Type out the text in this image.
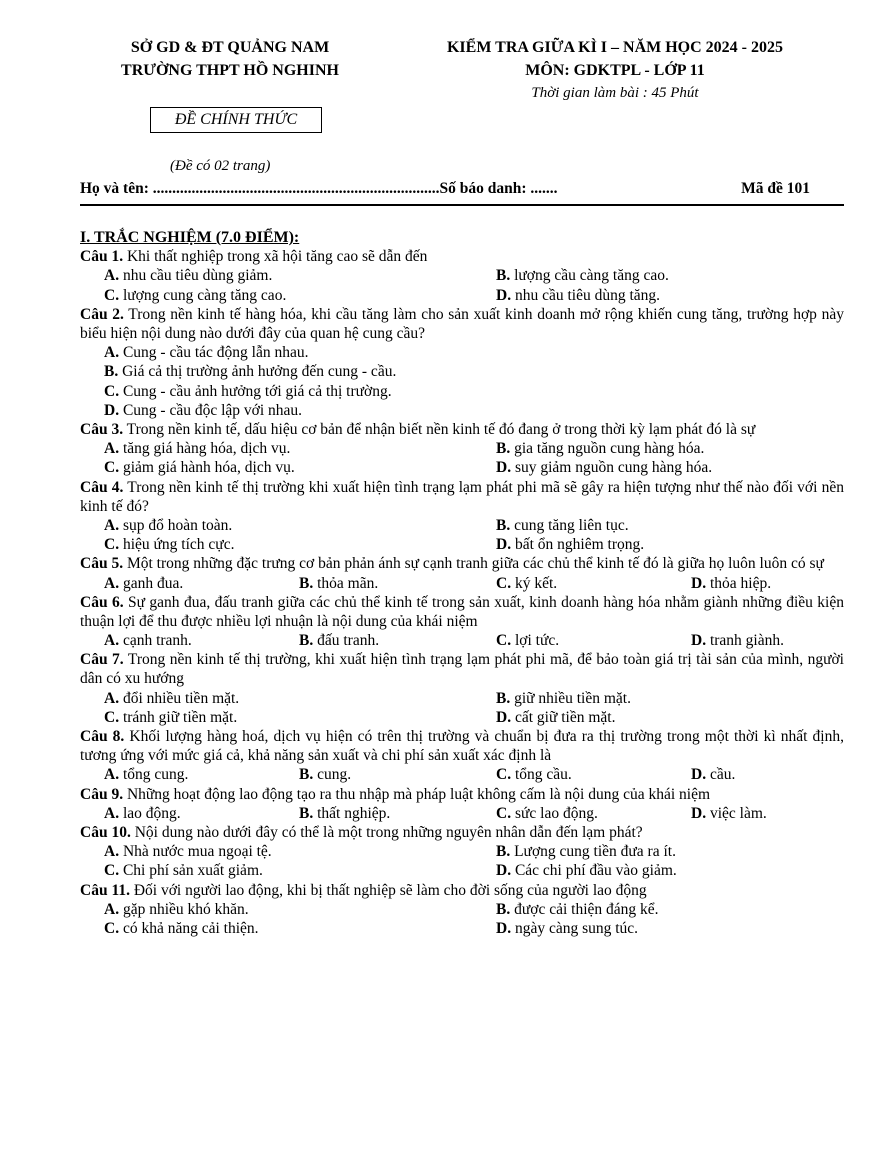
SỞ GD & ĐT QUẢNG NAM
TRƯỜNG THPT HỒ NGHINH
KIỂM TRA GIỮA KÌ I – NĂM HỌC 2024 - 2025
MÔN: GDKTPL - LỚP 11
Thời gian làm bài : 45 Phút
ĐỀ CHÍNH THỨC
(Đề có 02 trang)
Họ và tên: ..........................................................................Số báo danh: .......	Mã đề 101
I. TRẮC NGHIỆM (7.0 ĐIỂM):
Câu 1. Khi thất nghiệp trong xã hội tăng cao sẽ dẫn đến
A. nhu cầu tiêu dùng giảm.	B. lượng cầu càng tăng cao.
C. lượng cung càng tăng cao.	D. nhu cầu tiêu dùng tăng.
Câu 2. Trong nền kinh tế hàng hóa, khi cầu tăng làm cho sản xuất kinh doanh mở rộng khiến cung tăng, trường hợp này biểu hiện nội dung nào dưới đây của quan hệ cung cầu?
A. Cung - cầu tác động lẫn nhau.
B. Giá cả thị trường ảnh hưởng đến cung - cầu.
C. Cung - cầu ảnh hưởng tới giá cả thị trường.
D. Cung - cầu độc lập với nhau.
Câu 3. Trong nền kinh tế, dấu hiệu cơ bản để nhận biết nền kinh tế đó đang ở trong thời kỳ lạm phát đó là sự
A. tăng giá hàng hóa, dịch vụ.	B. gia tăng nguồn cung hàng hóa.
C. giảm giá hành hóa, dịch vụ.	D. suy giảm nguồn cung hàng hóa.
Câu 4. Trong nền kinh tế thị trường khi xuất hiện tình trạng lạm phát phi mã sẽ gây ra hiện tượng như thế nào đối với nền kinh tế đó?
A. sụp đổ hoàn toàn.	B. cung tăng liên tục.
C. hiệu ứng tích cực.	D. bất ổn nghiêm trọng.
Câu 5. Một trong những đặc trưng cơ bản phản ánh sự cạnh tranh giữa các chủ thể kinh tế đó là giữa họ luôn luôn có sự
A. ganh đua.	B. thỏa mãn.	C. ký kết.	D. thỏa hiệp.
Câu 6. Sự ganh đua, đấu tranh giữa các chủ thể kinh tế trong sản xuất, kinh doanh hàng hóa nhằm giành những điều kiện thuận lợi để thu được nhiều lợi nhuận là nội dung của khái niệm
A. cạnh tranh.	B. đấu tranh.	C. lợi tức.	D. tranh giành.
Câu 7. Trong nền kinh tế thị trường, khi xuất hiện tình trạng lạm phát phi mã, để bảo toàn giá trị tài sản của mình, người dân có xu hướng
A. đổi nhiều tiền mặt.	B. giữ nhiều tiền mặt.
C. tránh giữ tiền mặt.	D. cất giữ tiền mặt.
Câu 8. Khối lượng hàng hoá, dịch vụ hiện có trên thị trường và chuẩn bị đưa ra thị trường trong một thời kì nhất định, tương ứng với mức giá cả, khả năng sản xuất và chi phí sản xuất xác định là
A. tổng cung.	B. cung.	C. tổng cầu.	D. cầu.
Câu 9. Những hoạt động lao động tạo ra thu nhập mà pháp luật không cấm là nội dung của khái niệm
A. lao động.	B. thất nghiệp.	C. sức lao động.	D. việc làm.
Câu 10. Nội dung nào dưới đây có thể là một trong những nguyên nhân dẫn đến lạm phát?
A. Nhà nước mua ngoại tệ.	B. Lượng cung tiền đưa ra ít.
C. Chi phí sản xuất giảm.	D. Các chi phí đầu vào giảm.
Câu 11. Đối với người lao động, khi bị thất nghiệp sẽ làm cho đời sống của người lao động
A. gặp nhiều khó khăn.	B. được cải thiện đáng kể.
C. có khả năng cải thiện.	D. ngày càng sung túc.
